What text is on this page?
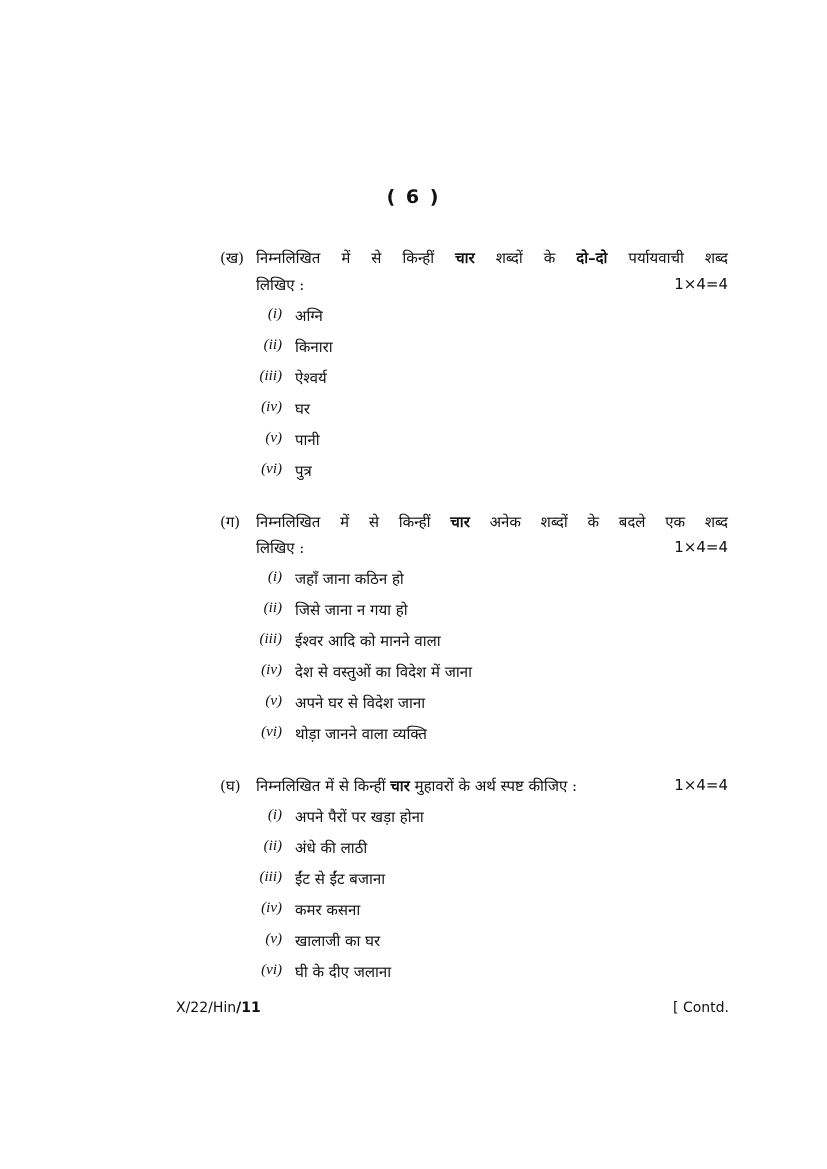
( 6 )
(ख) निम्नलिखित में से किन्हीं चार शब्दों के दो–दो पर्यायवाची शब्द
लिखिए :	1×4=4
(i) अग्नि
(ii) किनारा
(iii) ऐश्वर्य
(iv) घर
(v) पानी
(vi) पुत्र
(ग) निम्नलिखित में से किन्हीं चार अनेक शब्दों के बदले एक शब्द
लिखिए :	1×4=4
(i) जहाँ जाना कठिन हो
(ii) जिसे जाना न गया हो
(iii) ईश्वर आदि को मानने वाला
(iv) देश से वस्तुओं का विदेश में जाना
(v) अपने घर से विदेश जाना
(vi) थोड़ा जानने वाला व्यक्ति
(घ) निम्नलिखित में से किन्हीं चार मुहावरों के अर्थ स्पष्ट कीजिए :	1×4=4
(i) अपने पैरों पर खड़ा होना
(ii) अंधे की लाठी
(iii) ईंट से ईंट बजाना
(iv) कमर कसना
(v) खालाजी का घर
(vi) घी के दीए जलाना
X/22/Hin/11	[ Contd.
